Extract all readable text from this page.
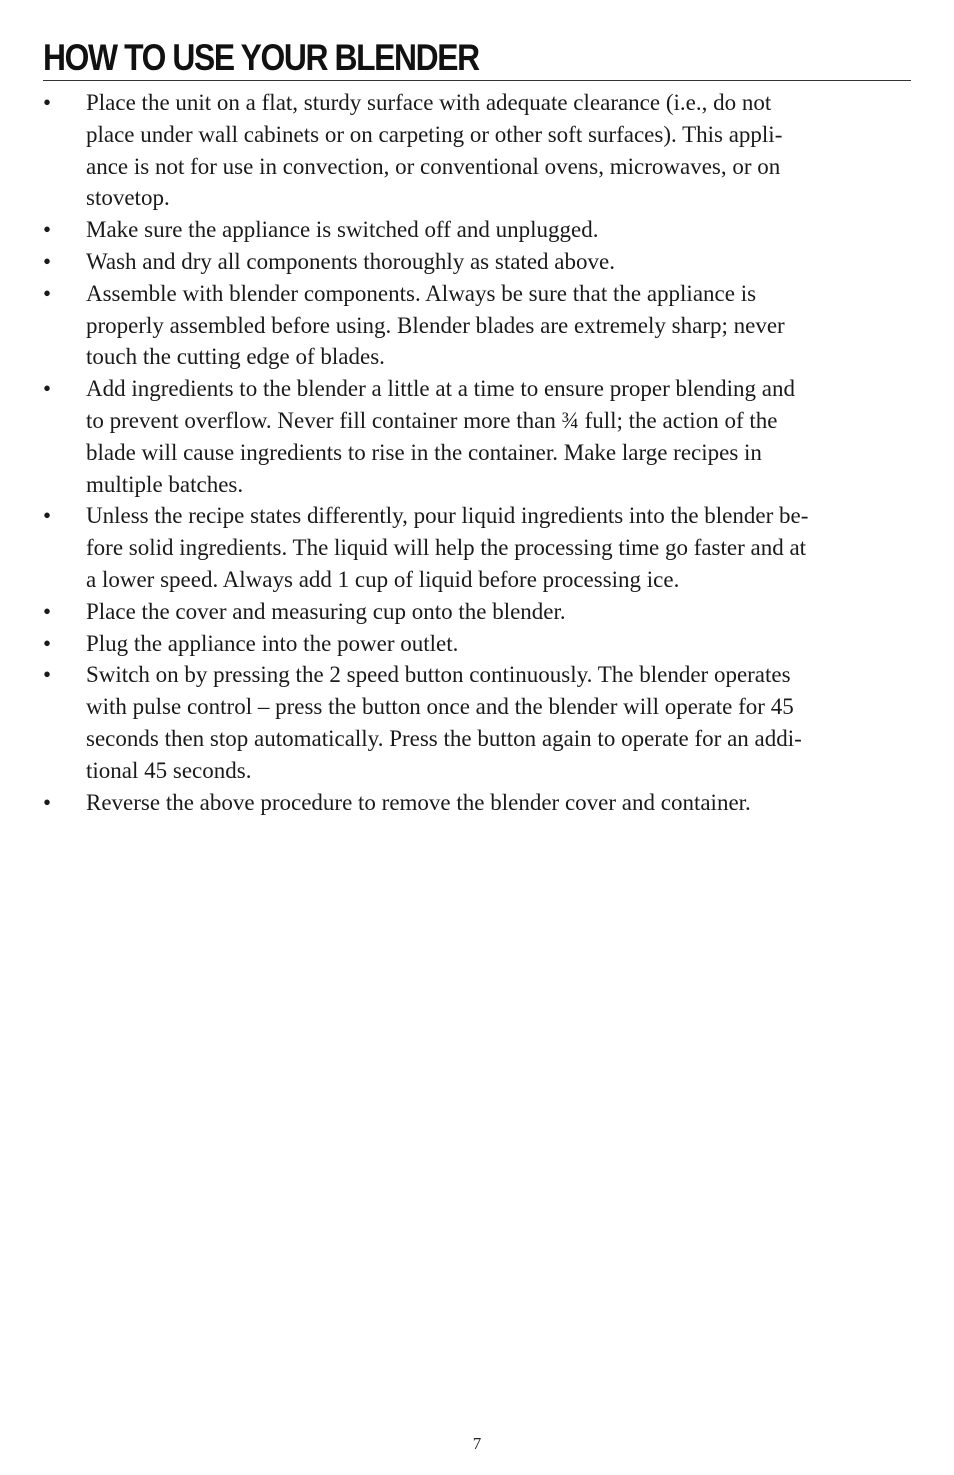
HOW TO USE YOUR BLENDER
• Place the unit on a flat, sturdy surface with adequate clearance (i.e., do not
place under wall cabinets or on carpeting or other soft surfaces). This appli-
ance is not for use in convection, or conventional ovens, microwaves, or on
stovetop.
• Make sure the appliance is switched off and unplugged.
• Wash and dry all components thoroughly as stated above.
• Assemble with blender components. Always be sure that the appliance is
properly assembled before using. Blender blades are extremely sharp; never
touch the cutting edge of blades.
• Add ingredients to the blender a little at a time to ensure proper blending and
to prevent overflow. Never fill container more than ¾ full; the action of the
blade will cause ingredients to rise in the container. Make large recipes in
multiple batches.
• Unless the recipe states differently, pour liquid ingredients into the blender be-
fore solid ingredients. The liquid will help the processing time go faster and at
a lower speed. Always add 1 cup of liquid before processing ice.
• Place the cover and measuring cup onto the blender.
• Plug the appliance into the power outlet.
• Switch on by pressing the 2 speed button continuously. The blender operates
with pulse control – press the button once and the blender will operate for 45
seconds then stop automatically. Press the button again to operate for an addi-
tional 45 seconds.
• Reverse the above procedure to remove the blender cover and container.
7
